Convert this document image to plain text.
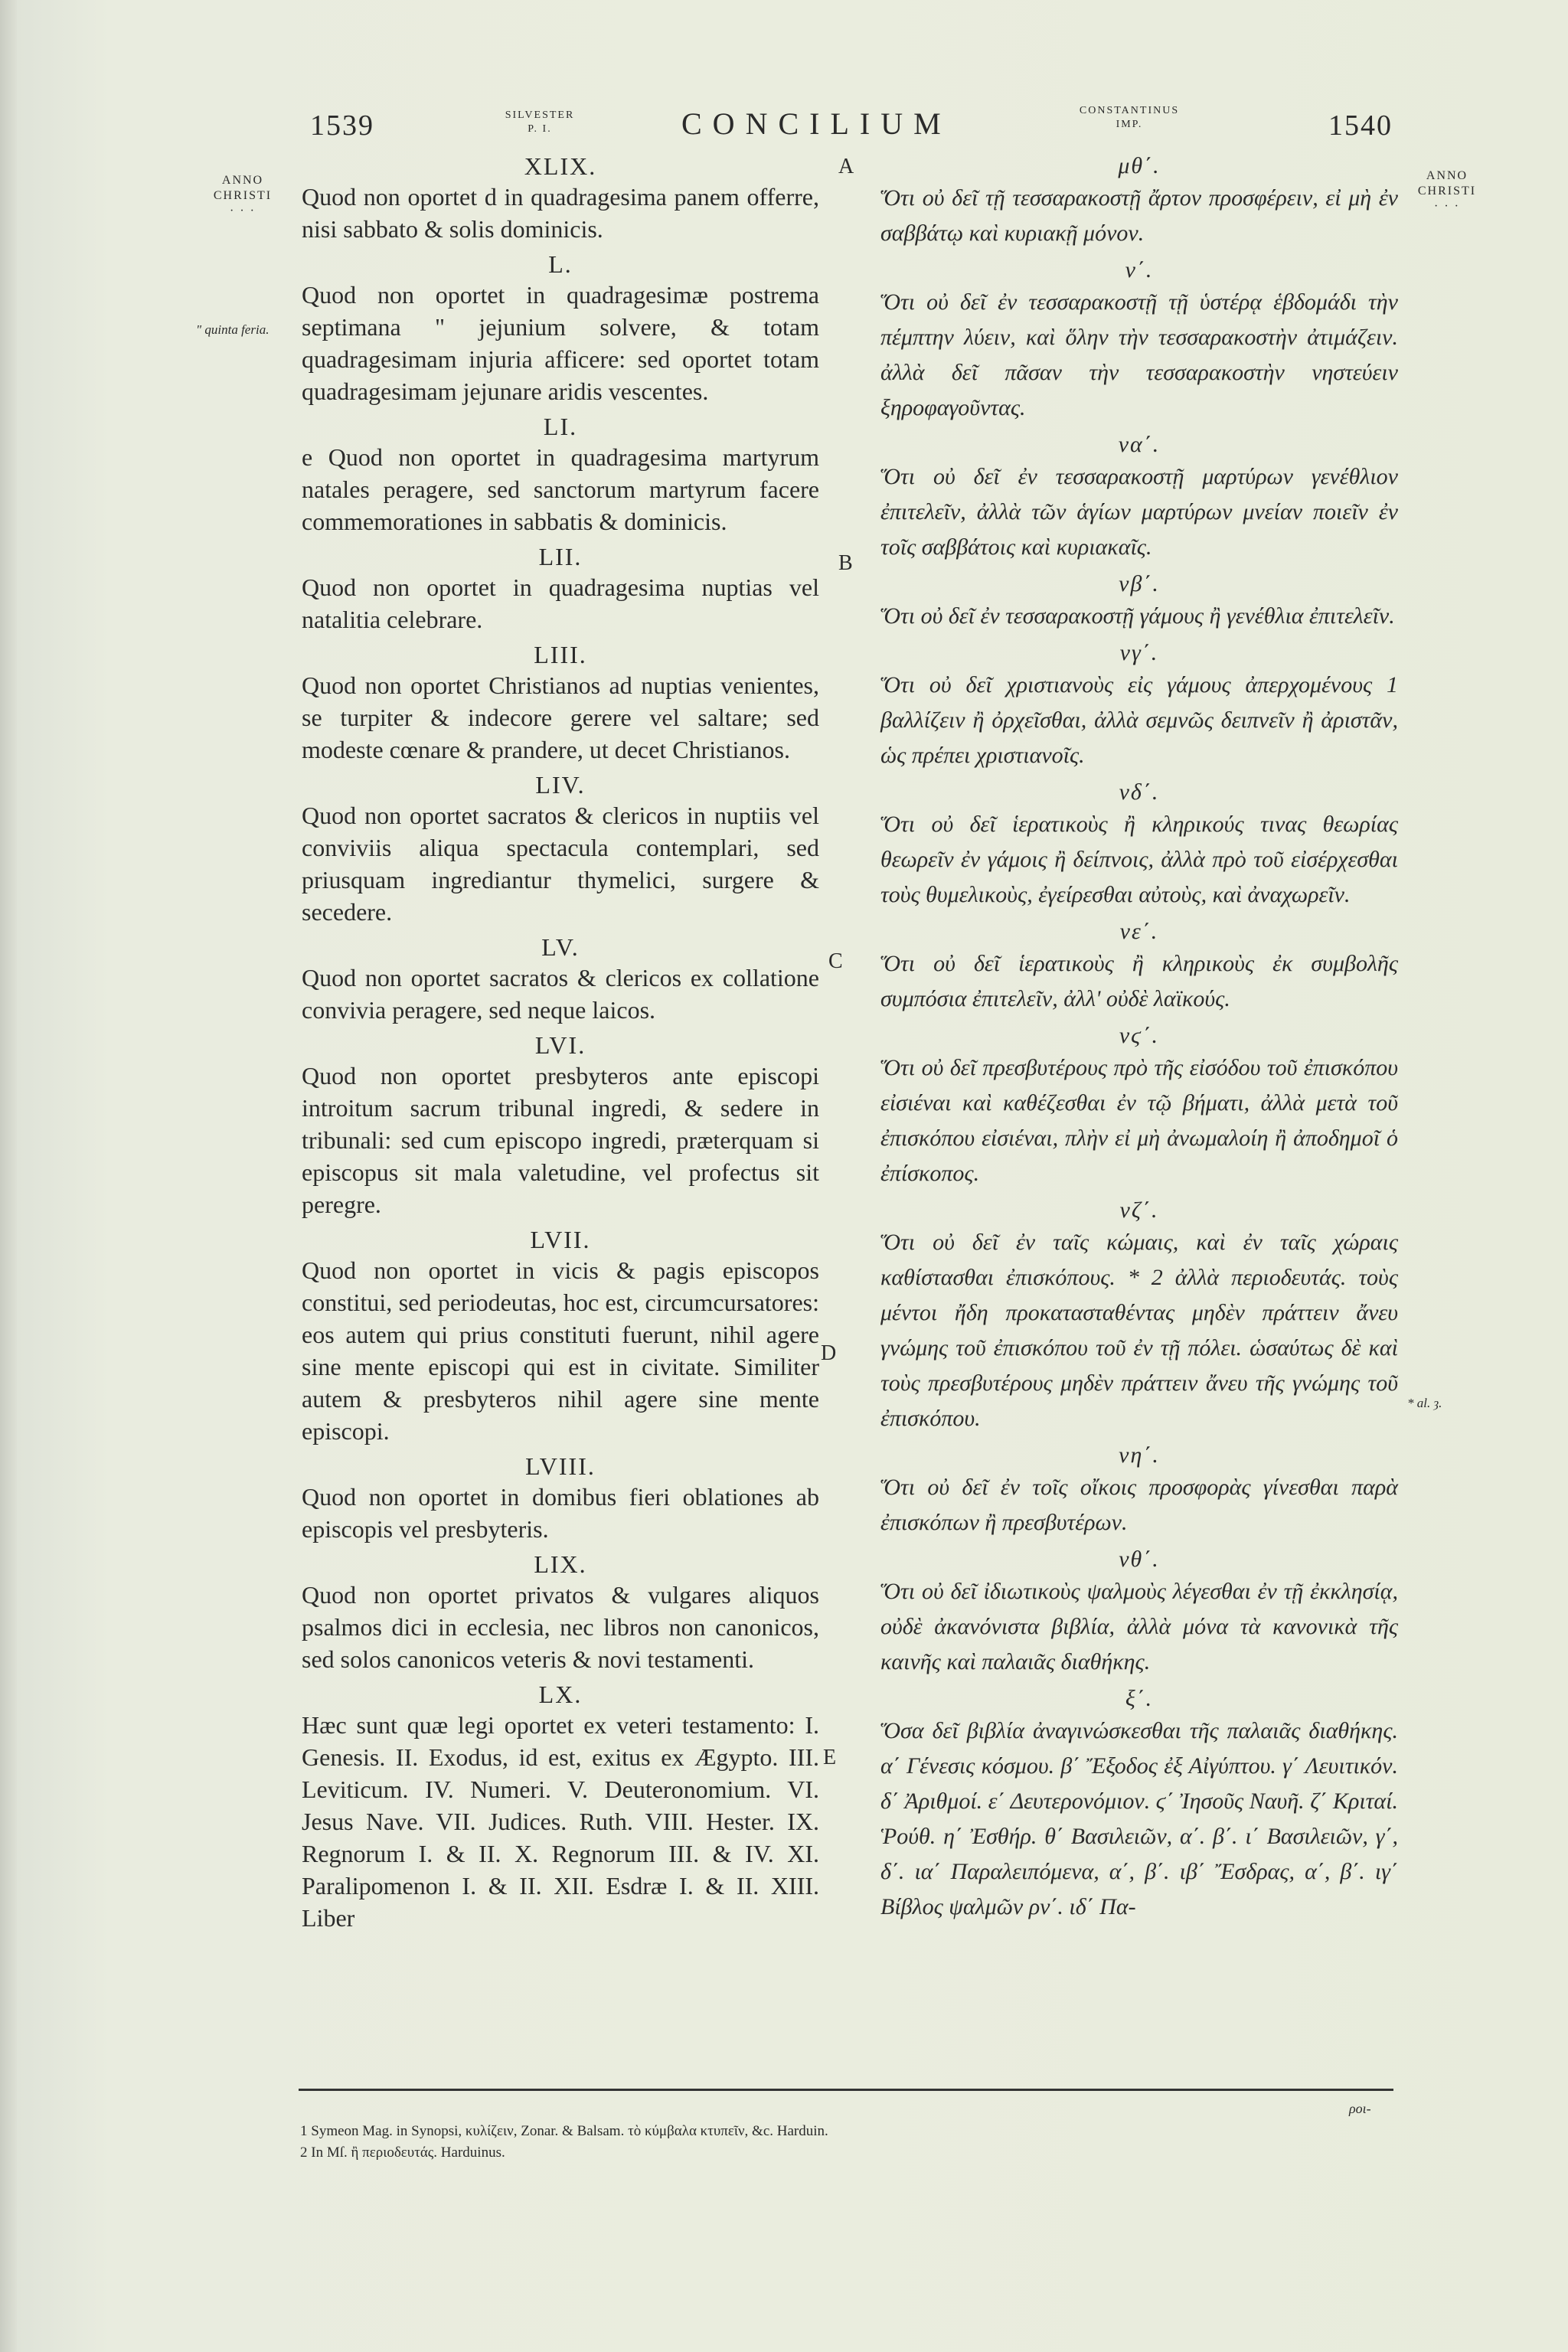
1539	SILVESTER
P. I.	CONCILIUM	CONSTANTINUS
IMP.	1540
ANNO
CHRISTI
· · ·
" quinta feria.
ANNO
CHRISTI
· · ·
* al. ȝ.
A
B
C
D
E
XLIX.
Quod non oportet d in quadragesima panem offerre, nisi sabbato & solis dominicis.
L.
Quod non oportet in quadragesimæ postrema septimana " jejunium solvere, & totam quadragesimam injuria afficere: sed oportet totam quadragesimam jejunare aridis vescentes.
LI.
e Quod non oportet in quadragesima martyrum natales peragere, sed sanctorum martyrum facere commemorationes in sabbatis & dominicis.
LII.
Quod non oportet in quadragesima nuptias vel natalitia celebrare.
LIII.
Quod non oportet Christianos ad nuptias venientes, se turpiter & indecore gerere vel saltare; sed modeste cœnare & prandere, ut decet Christianos.
LIV.
Quod non oportet sacratos & clericos in nuptiis vel conviviis aliqua spectacula contemplari, sed priusquam ingrediantur thymelici, surgere & secedere.
LV.
Quod non oportet sacratos & clericos ex collatione convivia peragere, sed neque laicos.
LVI.
Quod non oportet presbyteros ante episcopi introitum sacrum tribunal ingredi, & sedere in tribunali: sed cum episcopo ingredi, præterquam si episcopus sit mala valetudine, vel profectus sit peregre.
LVII.
Quod non oportet in vicis & pagis episcopos constitui, sed periodeutas, hoc est, circumcursatores: eos autem qui prius constituti fuerunt, nihil agere sine mente episcopi qui est in civitate. Similiter autem & presbyteros nihil agere sine mente episcopi.
LVIII.
Quod non oportet in domibus fieri oblationes ab episcopis vel presbyteris.
LIX.
Quod non oportet privatos & vulgares aliquos psalmos dici in ecclesia, nec libros non canonicos, sed solos canonicos veteris & novi testamenti.
LX.
Hæc sunt quæ legi oportet ex veteri testamento: I. Genesis. II. Exodus, id est, exitus ex Ægypto. III. Leviticum. IV. Numeri. V. Deuteronomium. VI. Jesus Nave. VII. Judices. Ruth. VIII. Hester. IX. Regnorum I. & II. X. Regnorum III. & IV. XI. Paralipomenon I. & II. XII. Esdræ I. & II. XIII. Liber
μθ΄.
Ὅτι οὐ δεῖ τῇ τεσσαρακοστῇ ἄρτον προσφέρειν, εἰ μὴ ἐν σαββάτῳ καὶ κυριακῇ μόνον.
ν΄.
Ὅτι οὐ δεῖ ἐν τεσσαρακοστῇ τῇ ὑστέρᾳ ἑβδομάδι τὴν πέμπτην λύειν, καὶ ὅλην τὴν τεσσαρακοστὴν ἀτιμάζειν. ἀλλὰ δεῖ πᾶσαν τὴν τεσσαρακοστὴν νηστεύειν ξηροφαγοῦντας.
να΄.
Ὅτι οὐ δεῖ ἐν τεσσαρακοστῇ μαρτύρων γενέθλιον ἐπιτελεῖν, ἀλλὰ τῶν ἁγίων μαρτύρων μνείαν ποιεῖν ἐν τοῖς σαββάτοις καὶ κυριακαῖς.
νβ΄.
Ὅτι οὐ δεῖ ἐν τεσσαρακοστῇ γάμους ἢ γενέθλια ἐπιτελεῖν.
νγ΄.
Ὅτι οὐ δεῖ χριστιανοὺς εἰς γάμους ἀπερχομένους 1 βαλλίζειν ἢ ὀρχεῖσθαι, ἀλλὰ σεμνῶς δειπνεῖν ἢ ἀριστᾶν, ὡς πρέπει χριστιανοῖς.
νδ΄.
Ὅτι οὐ δεῖ ἱερατικοὺς ἢ κληρικούς τινας θεωρίας θεωρεῖν ἐν γάμοις ἢ δείπνοις, ἀλλὰ πρὸ τοῦ εἰσέρχεσθαι τοὺς θυμελικοὺς, ἐγείρεσθαι αὐτοὺς, καὶ ἀναχωρεῖν.
νε΄.
Ὅτι οὐ δεῖ ἱερατικοὺς ἢ κληρικοὺς ἐκ συμβολῆς συμπόσια ἐπιτελεῖν, ἀλλ' οὐδὲ λαϊκούς.
νϛ΄.
Ὅτι οὐ δεῖ πρεσβυτέρους πρὸ τῆς εἰσόδου τοῦ ἐπισκόπου εἰσιέναι καὶ καθέζεσθαι ἐν τῷ βήματι, ἀλλὰ μετὰ τοῦ ἐπισκόπου εἰσιέναι, πλὴν εἰ μὴ ἀνωμαλοίη ἢ ἀποδημοῖ ὁ ἐπίσκοπος.
νζ΄.
Ὅτι οὐ δεῖ ἐν ταῖς κώμαις, καὶ ἐν ταῖς χώραις καθίστασθαι ἐπισκόπους. * 2 ἀλλὰ περιοδευτάς. τοὺς μέντοι ἤδη προκατασταθέντας μηδὲν πράττειν ἄνευ γνώμης τοῦ ἐπισκόπου τοῦ ἐν τῇ πόλει. ὡσαύτως δὲ καὶ τοὺς πρεσβυτέρους μηδὲν πράττειν ἄνευ τῆς γνώμης τοῦ ἐπισκόπου.
νη΄.
Ὅτι οὐ δεῖ ἐν τοῖς οἴκοις προσφορὰς γίνεσθαι παρὰ ἐπισκόπων ἢ πρεσβυτέρων.
νθ΄.
Ὅτι οὐ δεῖ ἰδιωτικοὺς ψαλμοὺς λέγεσθαι ἐν τῇ ἐκκλησίᾳ, οὐδὲ ἀκανόνιστα βιβλία, ἀλλὰ μόνα τὰ κανονικὰ τῆς καινῆς καὶ παλαιᾶς διαθήκης.
ξ΄.
Ὅσα δεῖ βιβλία ἀναγινώσκεσθαι τῆς παλαιᾶς διαθήκης. α΄ Γένεσις κόσμου. β΄ Ἔξοδος ἐξ Αἰγύπτου. γ΄ Λευιτικόν. δ΄ Ἀριθμοί. ε΄ Δευτερονόμιον. ϛ΄ Ἰησοῦς Ναυῆ. ζ΄ Κριταί. Ῥούθ. η΄ Ἐσθήρ. θ΄ Βασιλειῶν, α΄. β΄. ι΄ Βασιλειῶν, γ΄, δ΄. ια΄ Παραλειπόμενα, α΄, β΄. ιβ΄ Ἔσδρας, α΄, β΄. ιγ΄ Βίβλος ψαλμῶν ρν΄. ιδ΄ Πα-
ροι-
1 Symeon Mag. in Synopsi, κυλίζειν, Zonar. & Balsam. τὸ κύμβαλα κτυπεῖν, &c. Harduin.
2 In Mſ. ἢ περιοδευτάς. Harduinus.
